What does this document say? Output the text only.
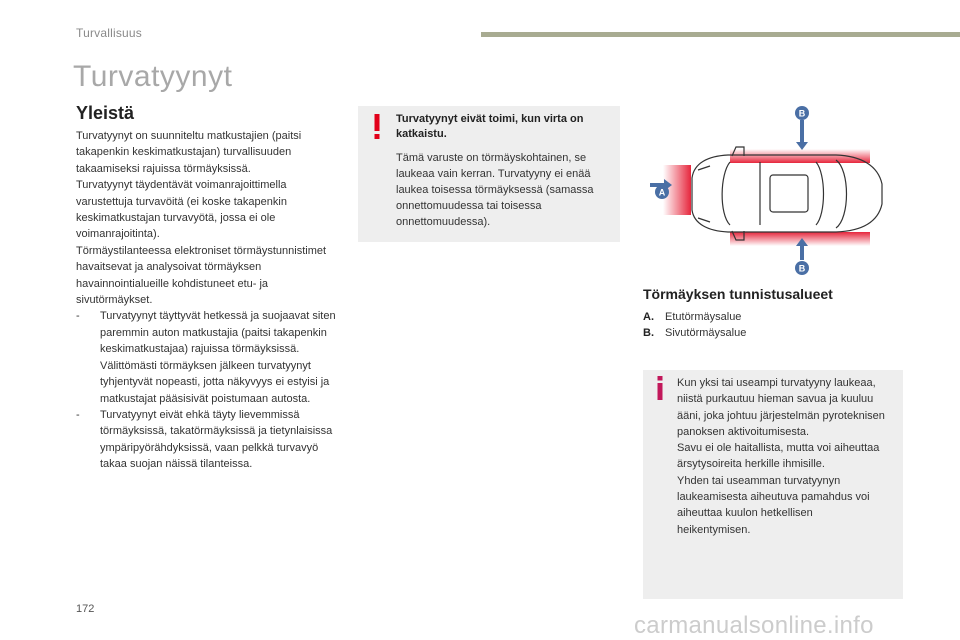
Turvallisuus
Turvatyynyt
Yleistä

Turvatyynyt on suunniteltu matkustajien (paitsi takapenkin keskimatkustajan) turvallisuuden takaamiseksi rajuissa törmäyksissä.

Turvatyynyt täydentävät voimanrajoittimella varustettuja turvavöitä (ei koske takapenkin keskimatkustajan turvavyötä, jossa ei ole voimanrajoitinta).

Törmäystilanteessa elektroniset törmäystunnistimet havaitsevat ja analysoivat törmäyksen havainnointialueille kohdistuneet etu- ja sivutörmäykset.

-	Turvatyynyt täyttyvät hetkessä ja suojaavat siten paremmin auton matkustajia (paitsi takapenkin keskimatkustajaa) rajuissa törmäyksissä. Välittömästi törmäyksen jälkeen turvatyynyt tyhjentyvät nopeasti, jotta näkyvyys ei estyisi ja matkustajat pääsisivät poistumaan autosta.
-	Turvatyynyt eivät ehkä täyty lievemmissä törmäyksissä, takatörmäyksissä ja tietynlaisissa ympäripyörähdyksissä, vaan pelkkä turvavyö takaa suojan näissä tilanteissa.
Turvatyynyt eivät toimi, kun virta on katkaistu.
Tämä varuste on törmäyskohtainen, se laukeaa vain kerran. Turvatyyny ei enää laukea toisessa törmäyksessä (samassa onnettomuudessa tai toisessa onnettomuudessa).
A
B
B
Törmäyksen tunnistusalueet
A.	Etutörmäysalue
B.	Sivutörmäysalue
Kun yksi tai useampi turvatyyny laukeaa, niistä purkautuu hieman savua ja kuuluu ääni, joka johtuu järjestelmän pyroteknisen panoksen aktivoitumisesta.
Savu ei ole haitallista, mutta voi aiheuttaa ärsytysoireita herkille ihmisille.
Yhden tai useamman turvatyynyn laukeamisesta aiheutuva pamahdus voi aiheuttaa kuulon hetkellisen heikentymisen.
172
carmanualsonline.info
